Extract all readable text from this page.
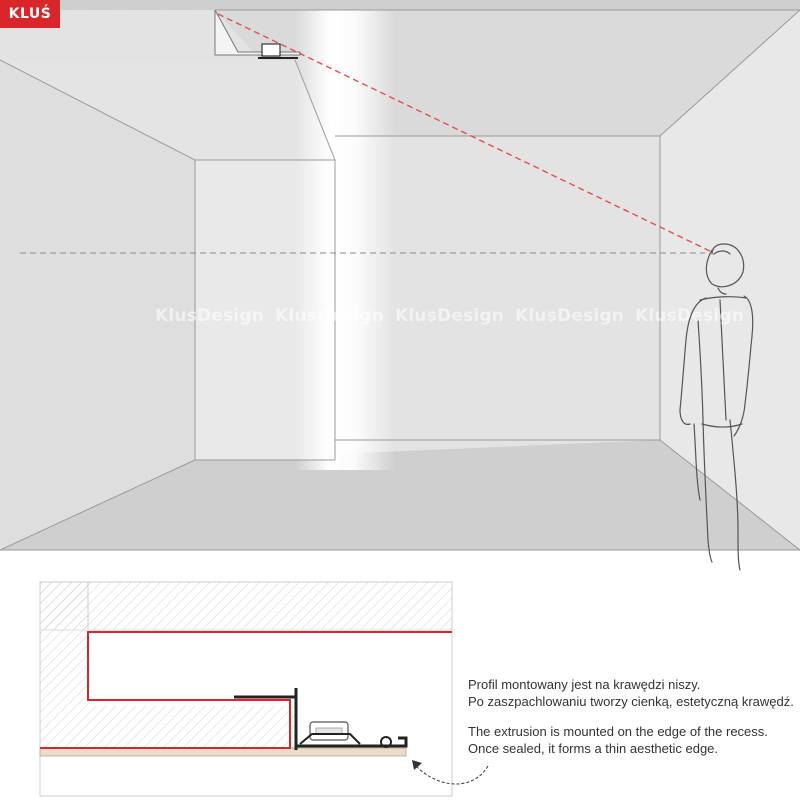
KLUŚ
KlusDesign KlusDesign KlusDesign KlusDesign KlusDesign
Profil montowany jest na krawędzi niszy.
Po zaszpachlowaniu tworzy cienką, estetyczną krawędź.
The extrusion is mounted on the edge of the recess.
Once sealed, it forms a thin aesthetic edge.
